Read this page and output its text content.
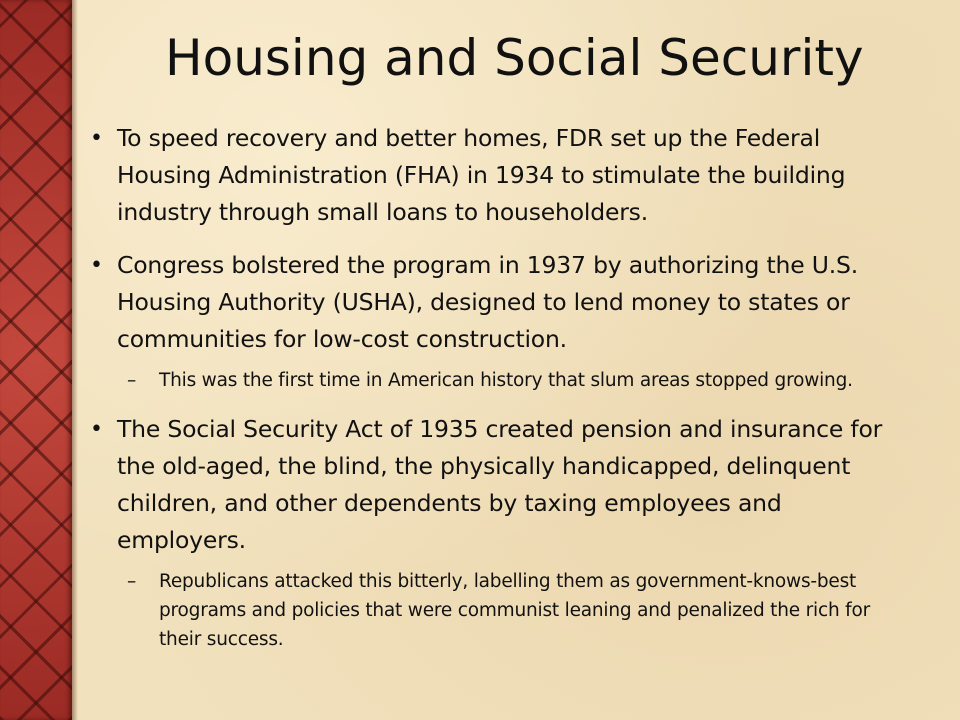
Housing and Social Security
• To speed recovery and better homes, FDR set up the Federal Housing Administration (FHA) in 1934 to stimulate the building industry through small loans to householders.
• Congress bolstered the program in 1937 by authorizing the U.S. Housing Authority (USHA), designed to lend money to states or communities for low-cost construction.
– This was the first time in American history that slum areas stopped growing.
• The Social Security Act of 1935 created pension and insurance for the old-aged, the blind, the physically handicapped, delinquent children, and other dependents by taxing employees and employers.
– Republicans attacked this bitterly, labelling them as government-knows-best programs and policies that were communist leaning and penalized the rich for their success.
